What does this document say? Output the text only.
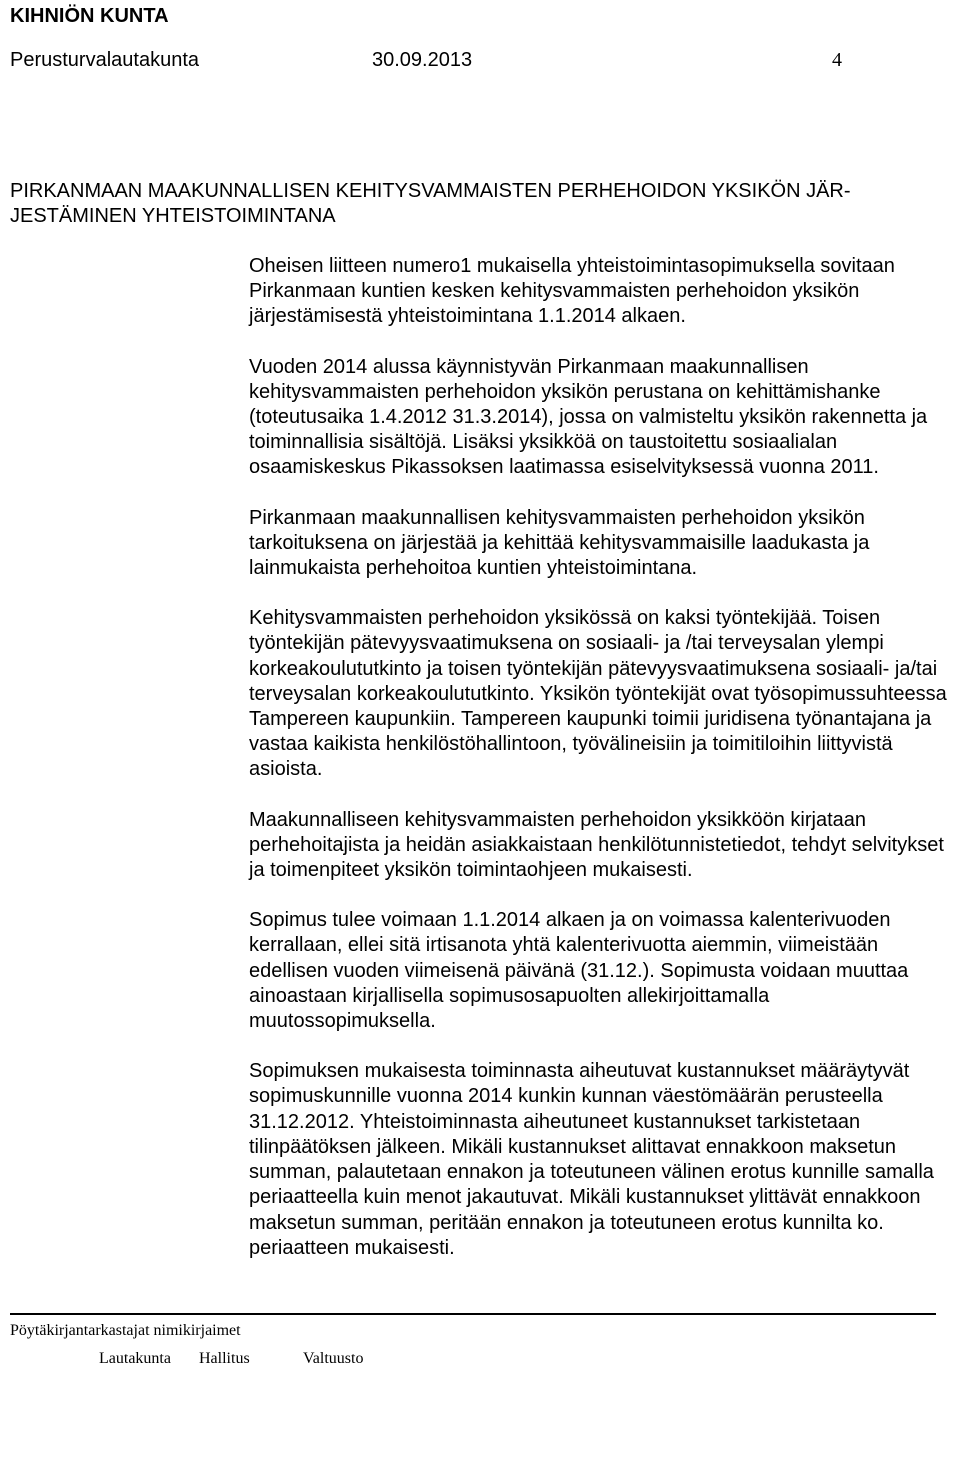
KIHNIÖN KUNTA
Perusturvalautakunta	30.09.2013	4
PIRKANMAAN MAAKUNNALLISEN KEHITYSVAMMAISTEN PERHEHOIDON YKSIKÖN JÄR-JESTÄMINEN YHTEISTOIMINTANA

Oheisen liitteen numero1 mukaisella yhteistoimintasopimuksella sovitaan Pirkanmaan kuntien kesken kehitysvammaisten perhehoidon yksikön järjestämisestä yhteistoimintana 1.1.2014 alkaen.

Vuoden 2014 alussa käynnistyvän Pirkanmaan maakunnallisen kehitysvammaisten perhehoidon yksikön perustana on kehittämishanke (toteutusaika 1.4.2012 31.3.2014), jossa on valmisteltu yksikön rakennetta ja toiminnallisia sisältöjä. Lisäksi yksikköä on taustoitettu sosiaalialan osaamiskeskus Pikassoksen laatimassa esiselvityksessä vuonna 2011.

Pirkanmaan maakunnallisen kehitysvammaisten perhehoidon yksikön tarkoituksena on järjestää ja kehittää kehitysvammaisille laadukasta ja lainmukaista perhehoitoa kuntien yhteistoimintana.

Kehitysvammaisten perhehoidon yksikössä on kaksi työntekijää. Toisen työntekijän pätevyysvaatimuksena on sosiaali- ja /tai terveysalan ylempi korkeakoulututkinto ja toisen työntekijän pätevyysvaatimuksena sosiaali- ja/tai terveysalan korkeakoulututkinto. Yksikön työntekijät ovat työsopimussuhteessa Tampereen kaupunkiin. Tampereen kaupunki toimii juridisena työnantajana ja vastaa kaikista henkilöstöhallintoon, työvälineisiin ja toimitiloihin liittyvistä asioista.

Maakunnalliseen kehitysvammaisten perhehoidon yksikköön kirjataan perhehoitajista ja heidän asiakkaistaan henkilötunnistetiedot, tehdyt selvitykset ja toimenpiteet yksikön toimintaohjeen mukaisesti.

Sopimus tulee voimaan 1.1.2014 alkaen ja on voimassa kalenterivuoden kerrallaan, ellei sitä irtisanota yhtä kalenterivuotta aiemmin, viimeistään edellisen vuoden viimeisenä päivänä (31.12.). Sopimusta voidaan muuttaa ainoastaan kirjallisella sopimusosapuolten allekirjoittamalla muutossopimuksella.

Sopimuksen mukaisesta toiminnasta aiheutuvat kustannukset määräytyvät sopimuskunnille vuonna 2014 kunkin kunnan väestömäärän perusteella 31.12.2012. Yhteistoiminnasta aiheutuneet kustannukset tarkistetaan tilinpäätöksen jälkeen. Mikäli kustannukset alittavat ennakkoon maksetun summan, palautetaan ennakon ja toteutuneen välinen erotus kunnille samalla periaatteella kuin menot jakautuvat. Mikäli kustannukset ylittävät ennakkoon maksetun summan, peritään ennakon ja toteutuneen erotus kunnilta ko. periaatteen mukaisesti.

Pöytäkirjantarkastajat nimikirjaimet
Lautakunta Hallitus	Valtuusto
